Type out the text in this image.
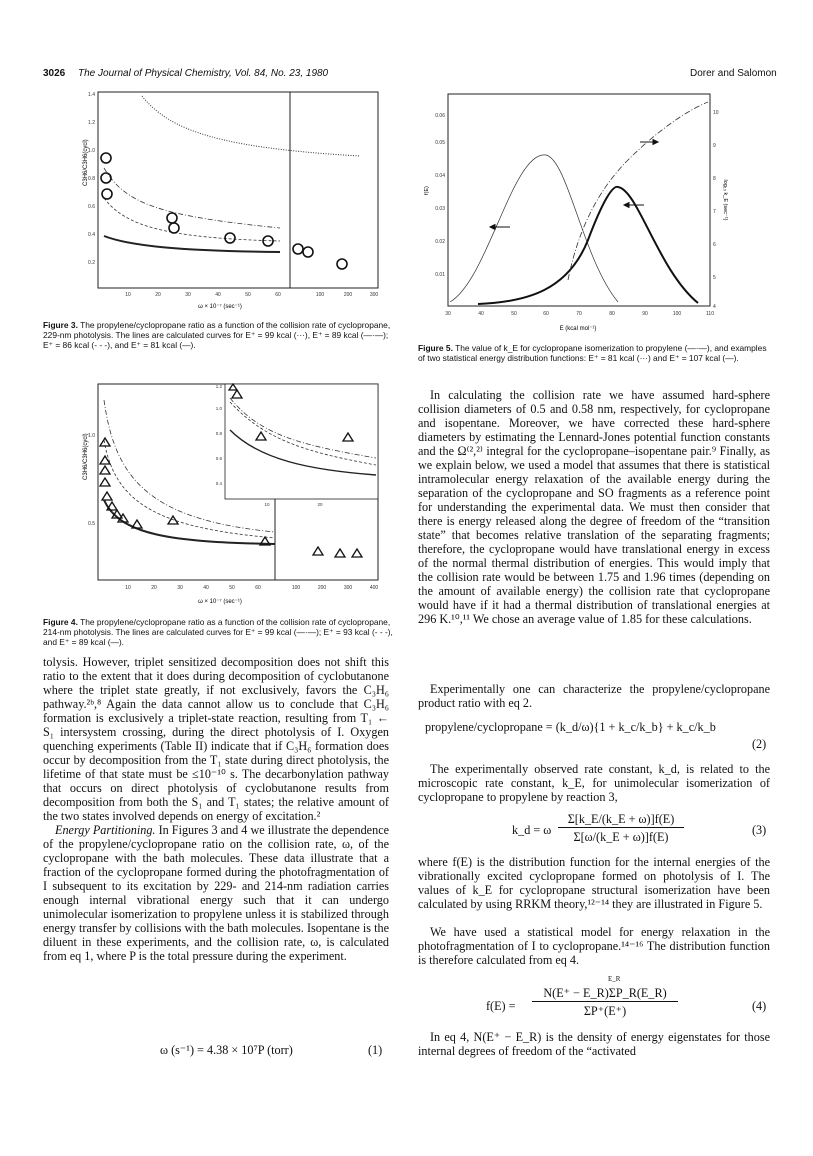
3026 The Journal of Physical Chemistry, Vol. 84, No. 23, 1980	Dorer and Salomon
1.4
1.2
1.0
0.8
0.6
0.4
0.2
C3H6/C3H6(cycl)
10	20	30	40	50	60	100	200	300
ω × 10⁻⁷ (sec⁻¹)
Figure 3. The propylene/cyclopropane ratio as a function of the collision rate of cyclopropane, 229-nm photolysis. The lines are calculated curves for E⁺ = 99 kcal (···), E⁺ = 89 kcal (—·—); E⁺ = 86 kcal (- - -), and E⁺ = 81 kcal (—).
1.2
1.0
0.8
0.6
0.4
10	20
1.0
0.5
C3H6/C3H6(cycl)
10	20	30	40	50	60	100	200	300	400
ω × 10⁻⁷ (sec⁻¹)
Figure 4. The propylene/cyclopropane ratio as a function of the collision rate of cyclopropane, 214-nm photolysis. The lines are calculated curves for E⁺ = 99 kcal (—·—); E⁺ = 93 kcal (- - -), and E⁺ = 89 kcal (—).
0.06
0.05
0.04
0.03
0.02
0.01
f(E)
10
9
8
7
6
5
4
log₁₀ k_E (sec⁻¹)
30	40	50	60	70	80	90	100	110
E (kcal mol⁻¹)
Figure 5. The value of k_E for cyclopropane isomerization to propylene (—·—), and examples of two statistical energy distribution functions: E⁺ = 81 kcal (···) and E⁺ = 107 kcal (—).

tolysis. However, triplet sensitized decomposition does not shift this ratio to the extent that it does during decomposition of cyclobutanone where the triplet state greatly, if not exclusively, favors the C₃H₆ pathway.²ᵇ,⁸ Again the data cannot allow us to conclude that C₃H₆ formation is exclusively a triplet-state reaction, resulting from T₁ ← S₁ intersystem crossing, during the direct photolysis of I. Oxygen quenching experiments (Table II) indicate that if C₃H₆ formation does occur by decomposition from the T₁ state during direct photolysis, the lifetime of that state must be ≤10⁻¹⁰ s. The decarbonylation pathway that occurs on direct photolysis of cyclobutanone results from decomposition from both the S₁ and T₁ states; the relative amount of the two states involved depends on energy of excitation.²

Energy Partitioning. In Figures 3 and 4 we illustrate the dependence of the propylene/cyclopropane ratio on the collision rate, ω, of the cyclopropane with the bath molecules. These data illustrate that a fraction of the cyclopropane formed during the photofragmentation of I subsequent to its excitation by 229- and 214-nm radiation carries enough internal vibrational energy such that it can undergo unimolecular isomerization to propylene unless it is stabilized through energy transfer by collisions with the bath molecules. Isopentane is the diluent in these experiments, and the collision rate, ω, is calculated from eq 1, where P is the total pressure during the experiment.

ω (s⁻¹) = 4.38 × 10⁷P (torr)	(1)
In calculating the collision rate we have assumed hard-sphere collision diameters of 0.5 and 0.58 nm, respectively, for cyclopropane and isopentane. Moreover, we have corrected these hard-sphere diameters by estimating the Lennard-Jones potential function constants and the Ω⁽²,²⁾ integral for the cyclopropane–isopentane pair.⁹ Finally, as we explain below, we used a model that assumes that there is statistical intramolecular energy relaxation of the available energy during the separation of the cyclopropane and SO fragments as a reference point for understanding the experimental data. We must then consider that there is energy released along the degree of freedom of the “transition state” that becomes relative translation of the separating fragments; therefore, the cyclopropane would have translational energy in excess of the normal thermal distribution of energies. This would imply that the collision rate would be between 1.75 and 1.96 times (depending on the amount of available energy) the collision rate that cyclopropane would have if it had a thermal distribution of translational energies at 296 K.¹⁰,¹¹ We chose an average value of 1.85 for these calculations.
Experimentally one can characterize the propylene/cyclopropane product ratio with eq 2.
propylene/cyclopropane = (k_d/ω){1 + k_c/k_b} + k_c/k_b
(2)
The experimentally observed rate constant, k_d, is related to the microscopic rate constant, k_E, for unimolecular isomerization of cyclopropane to propylene by reaction 3,
k_d = ω
Σ[k_E/(k_E + ω)]f(E)
Σ[ω/(k_E + ω)]f(E)	(3)
where f(E) is the distribution function for the internal energies of the vibrationally excited cyclopropane formed on photolysis of I. The values of k_E for cyclopropane structural isomerization have been calculated by using RRKM theory,¹²⁻¹⁴ they are illustrated in Figure 5.
We have used a statistical model for energy relaxation in the photofragmentation of I to cyclopropane.¹⁴⁻¹⁶ The distribution function is therefore calculated from eq 4.
f(E) =
E_R
N(E⁺ − E_R)ΣP_R(E_R)
ΣP⁺(E⁺)	(4)
In eq 4, N(E⁺ − E_R) is the density of energy eigenstates for those internal degrees of freedom of the “activated
